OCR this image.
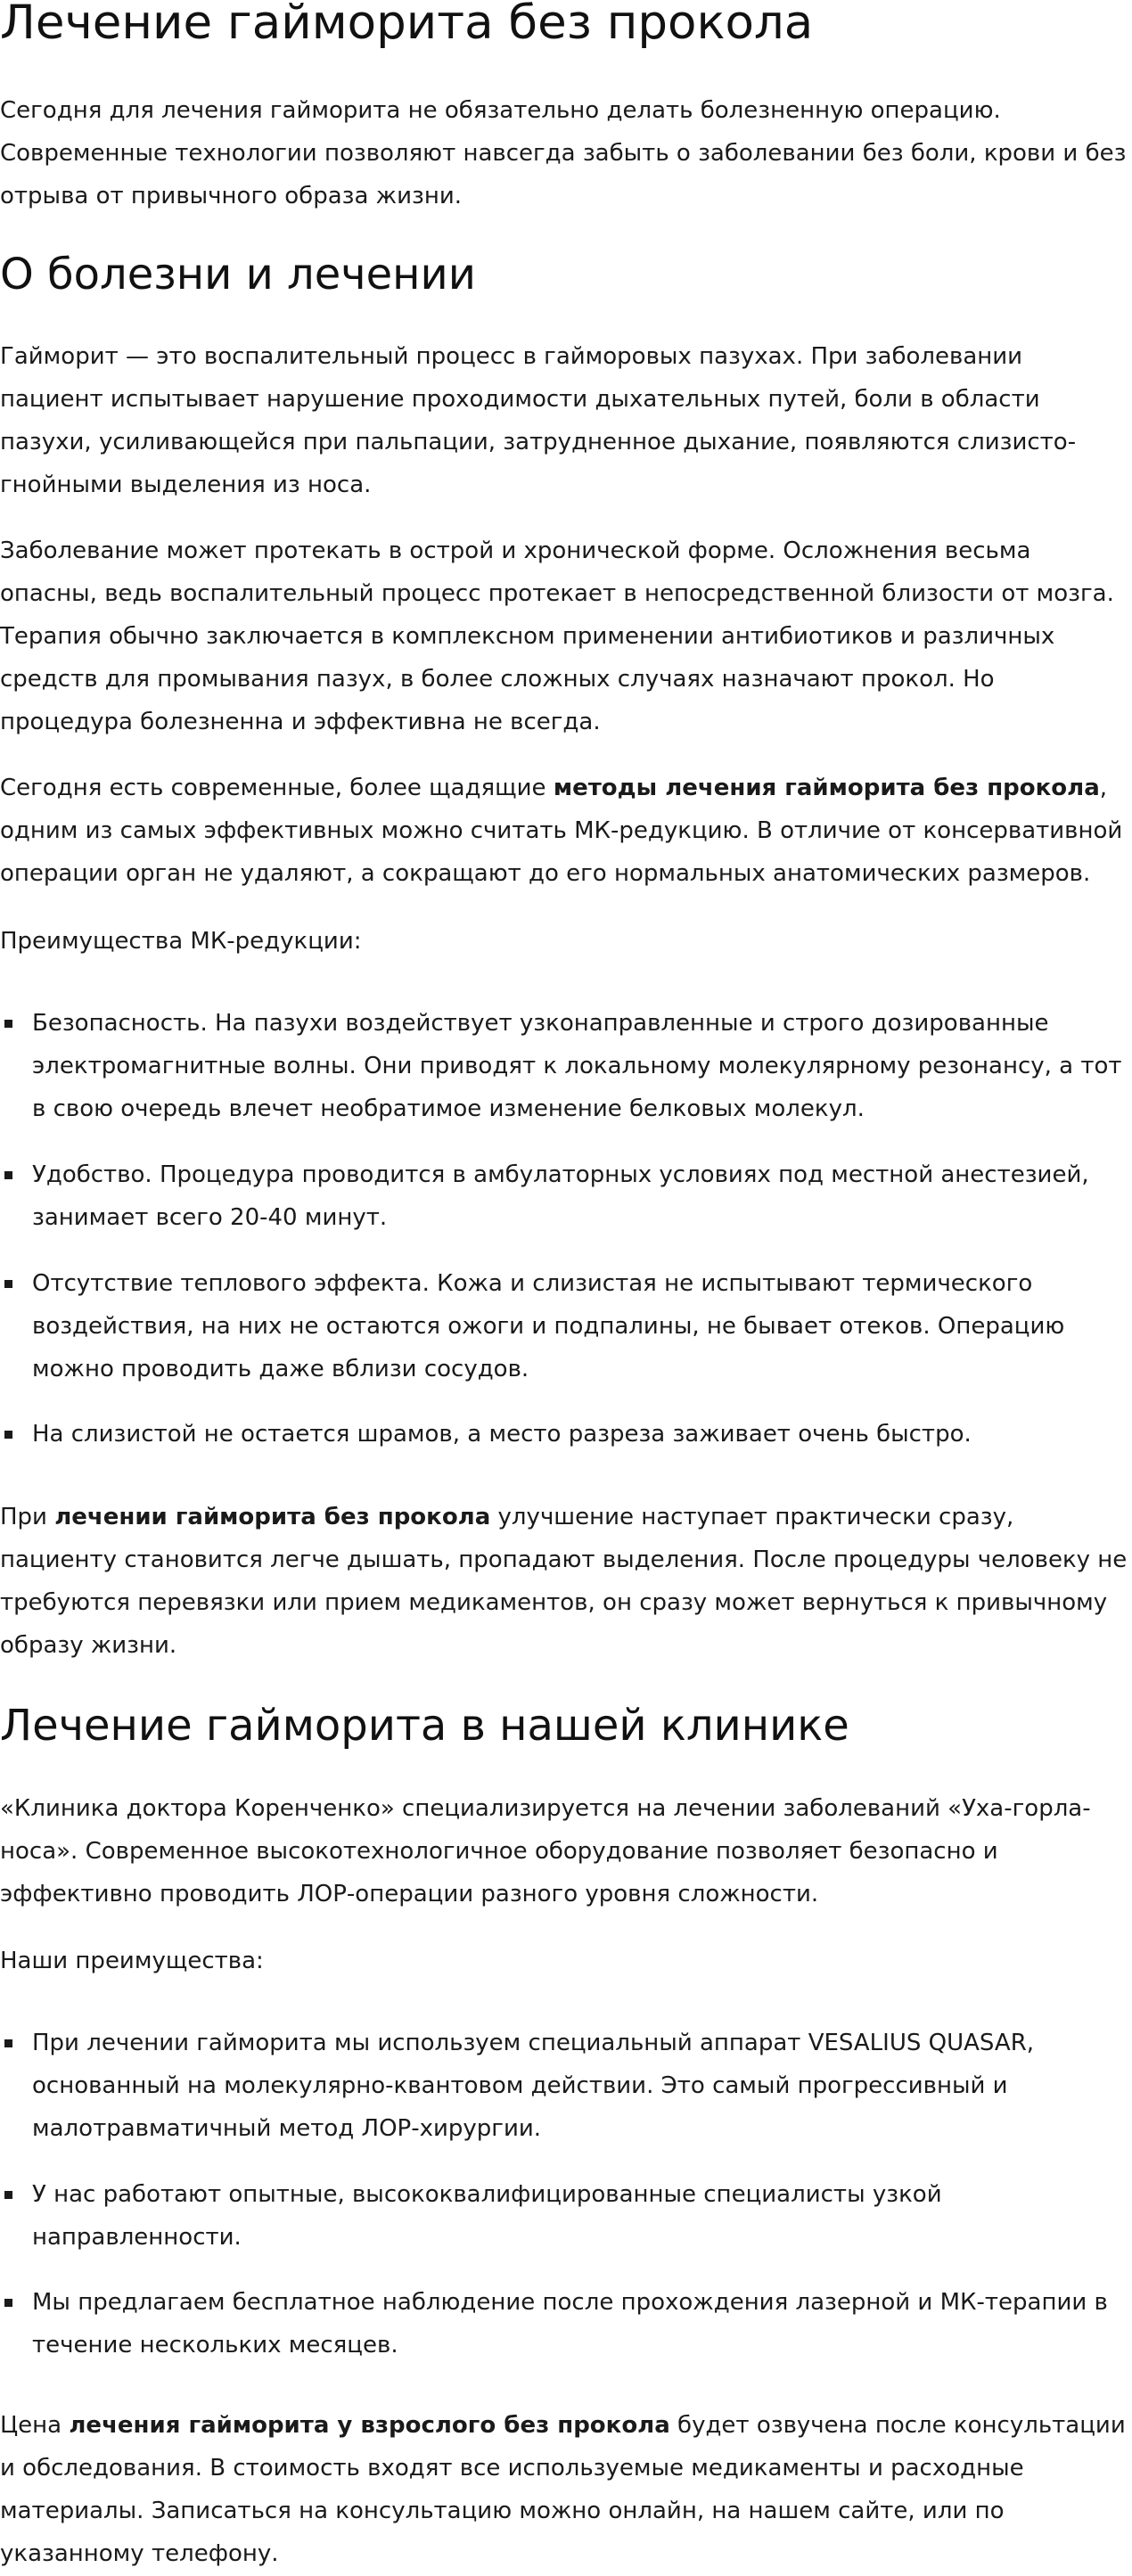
Лечение гайморита без прокола

Сегодня для лечения гайморита не обязательно делать болезненную операцию. Современные технологии позволяют навсегда забыть о заболевании без боли, крови и без отрыва от привычного образа жизни.

О болезни и лечении

Гайморит — это воспалительный процесс в гайморовых пазухах. При заболевании пациент испытывает нарушение проходимости дыхательных путей, боли в области пазухи, усиливающейся при пальпации, затрудненное дыхание, появляются слизисто-гнойными выделения из носа.

Заболевание может протекать в острой и хронической форме. Осложнения весьма опасны, ведь воспалительный процесс протекает в непосредственной близости от мозга. Терапия обычно заключается в комплексном применении антибиотиков и различных средств для промывания пазух, в более сложных случаях назначают прокол. Но процедура болезненна и эффективна не всегда.

Сегодня есть современные, более щадящие методы лечения гайморита без прокола, одним из самых эффективных можно считать МК-редукцию. В отличие от консервативной операции орган не удаляют, а сокращают до его нормальных анатомических размеров.

Преимущества МК-редукции:

Безопасность. На пазухи воздействует узконаправленные и строго дозированные электромагнитные волны. Они приводят к локальному молекулярному резонансу, а тот в свою очередь влечет необратимое изменение белковых молекул.
Удобство. Процедура проводится в амбулаторных условиях под местной анестезией, занимает всего 20-40 минут.
Отсутствие теплового эффекта. Кожа и слизистая не испытывают термического воздействия, на них не остаются ожоги и подпалины, не бывает отеков. Операцию можно проводить даже вблизи сосудов.
На слизистой не остается шрамов, а место разреза заживает очень быстро.

При лечении гайморита без прокола улучшение наступает практически сразу, пациенту становится легче дышать, пропадают выделения. После процедуры человеку не требуются перевязки или прием медикаментов, он сразу может вернуться к привычному образу жизни.

Лечение гайморита в нашей клинике

«Клиника доктора Коренченко» специализируется на лечении заболеваний «Уха-горла-носа». Современное высокотехнологичное оборудование позволяет безопасно и эффективно проводить ЛОР-операции разного уровня сложности.

Наши преимущества:

При лечении гайморита мы используем специальный аппарат VESALIUS QUASAR, основанный на молекулярно-квантовом действии. Это самый прогрессивный и малотравматичный метод ЛОР-хирургии.
У нас работают опытные, высококвалифицированные специалисты узкой направленности.
Мы предлагаем бесплатное наблюдение после прохождения лазерной и МК-терапии в течение нескольких месяцев.

Цена лечения гайморита у взрослого без прокола будет озвучена после консультации и обследования. В стоимость входят все используемые медикаменты и расходные материалы. Записаться на консультацию можно онлайн, на нашем сайте, или по указанному телефону.
